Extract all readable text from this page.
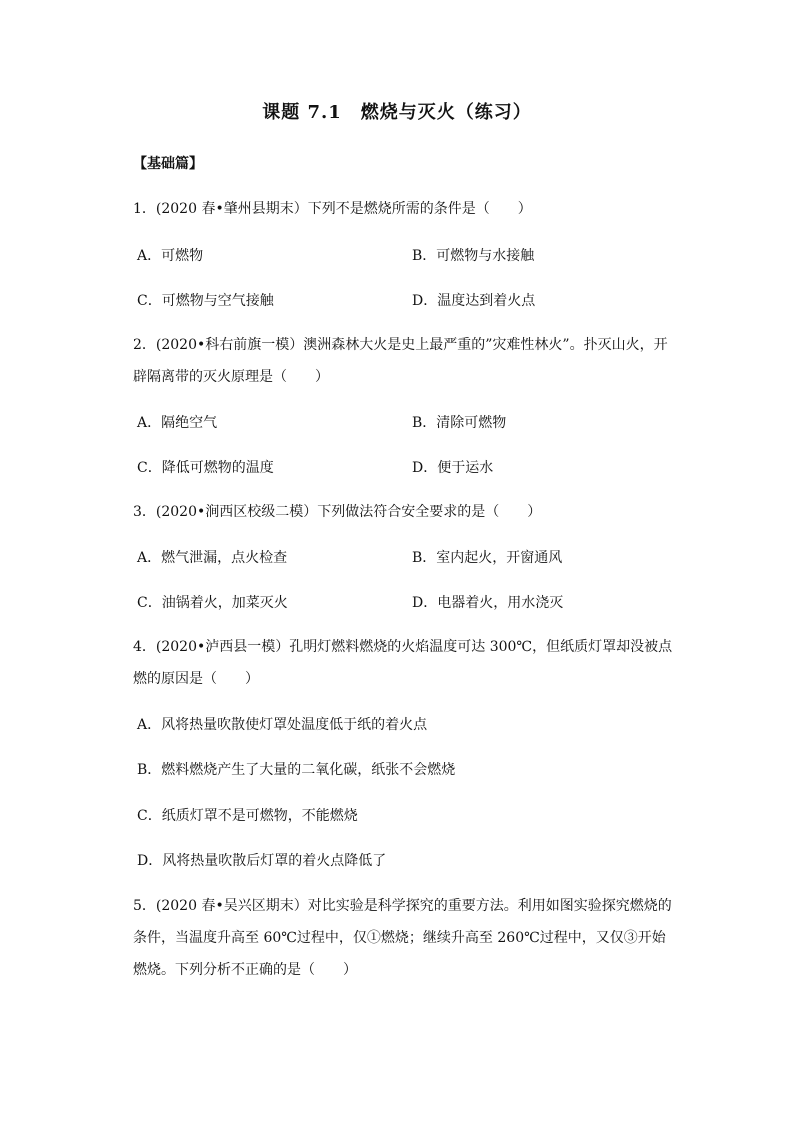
课题 7.1　燃烧与灭火（练习）
【基础篇】
1．(2020 春•肇州县期末）下列不是燃烧所需的条件是（　　）
A．可燃物	B．可燃物与水接触
C．可燃物与空气接触	D．温度达到着火点
2．(2020•科右前旗一模）澳洲森林大火是史上最严重的”灾难性林火”。扑灭山火，开辟隔离带的灭火原理是（　　）
A．隔绝空气	B．清除可燃物
C．降低可燃物的温度	D．便于运水
3．(2020•涧西区校级二模）下列做法符合安全要求的是（　　）
A．燃气泄漏，点火检查	B．室内起火，开窗通风
C．油锅着火，加菜灭火	D．电器着火，用水浇灭
4．(2020•泸西县一模）孔明灯燃料燃烧的火焰温度可达 300℃，但纸质灯罩却没被点燃的原因是（　　）
A．风将热量吹散使灯罩处温度低于纸的着火点
B．燃料燃烧产生了大量的二氧化碳，纸张不会燃烧
C．纸质灯罩不是可燃物，不能燃烧
D．风将热量吹散后灯罩的着火点降低了
5．(2020 春•吴兴区期末）对比实验是科学探究的重要方法。利用如图实验探究燃烧的条件，当温度升高至 60℃过程中，仅①燃烧；继续升高至 260℃过程中，又仅③开始燃烧。下列分析不正确的是（　　）
